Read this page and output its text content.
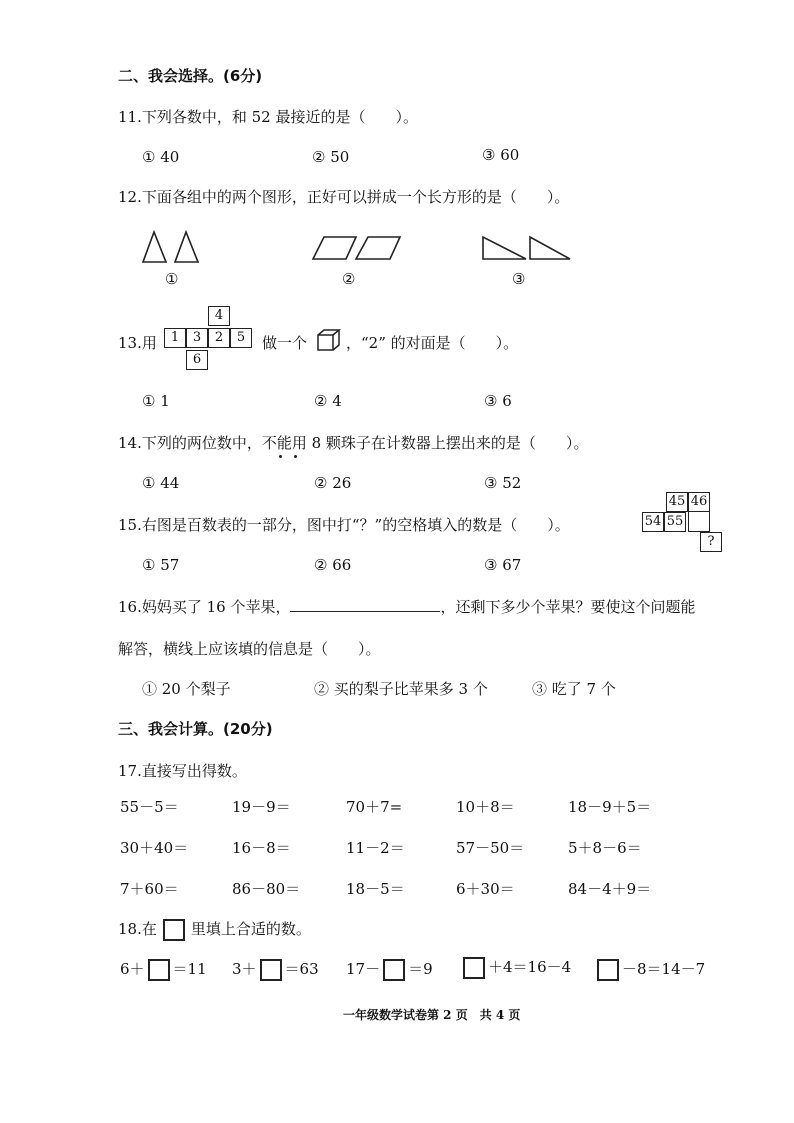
二、我会选择。(6分)
11.下列各数中，和 52 最接近的是（　　）。
① 40	② 50	③ 60
12.下面各组中的两个图形，正好可以拼成一个长方形的是（　　）。
①	②	③
13.用
4
1	3	2	5
6
做一个	，“2” 的对面是（　　）。
① 1	② 4	③ 6
14.下列的两位数中，不能用 8 颗珠子在计数器上摆出来的是（　　）。
① 44	② 26	③ 52
15.右图是百数表的一部分，图中打“？”的空格填入的数是（　　）。
45 46
54 55
?
① 57	② 66	③ 67
16.妈妈买了 16 个苹果，	，还剩下多少个苹果？要使这个问题能
解答，横线上应该填的信息是（　　）。
① 20 个梨子	② 买的梨子比苹果多 3 个	③ 吃了 7 个
三、我会计算。(20分)
17.直接写出得数。
55－5＝	19－9＝	70＋7=	10＋8＝	18－9＋5＝
30＋40＝	16－8＝	11－2＝	57－50＝	5＋8－6＝
7＋60＝	86－80＝	18－5＝	6＋30＝	84－4＋9＝
18.在 里填上合适的数。
6＋ ＝11 3＋ ＝63 17－ ＝9	＋4＝16－4	－8＝14－7
一年级数学试卷第 2 页　共 4 页
